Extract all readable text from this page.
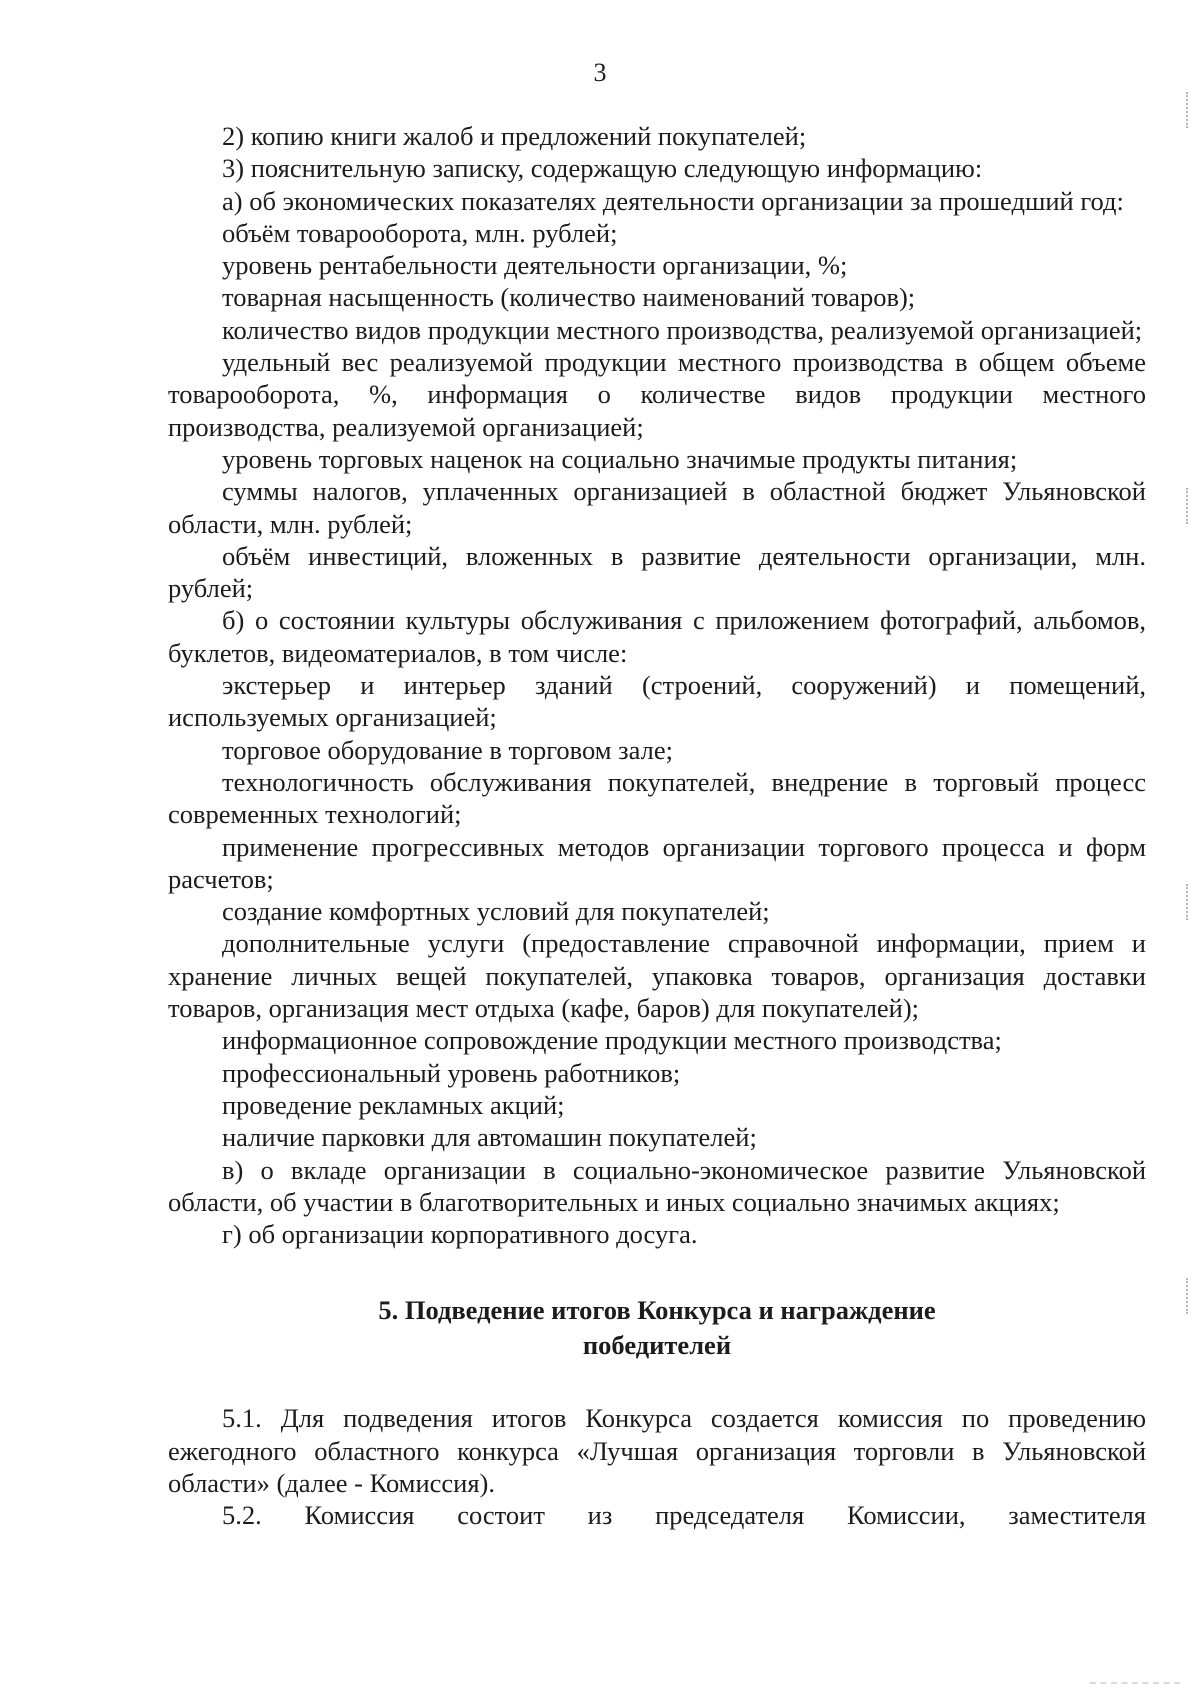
3

2) копию книги жалоб и предложений покупателей;

3) пояснительную записку, содержащую следующую информацию:

а) об экономических показателях деятельности организации за прошедший год:

объём товарооборота, млн. рублей;

уровень рентабельности деятельности организации, %;

товарная насыщенность (количество наименований товаров);

количество видов продукции местного производства, реализуемой организацией;

удельный вес реализуемой продукции местного производства в общем объеме товарооборота, %, информация о количестве видов продукции местного производства, реализуемой организацией;

уровень торговых наценок на социально значимые продукты питания;

суммы налогов, уплаченных организацией в областной бюджет Ульяновской области, млн. рублей;

объём инвестиций, вложенных в развитие деятельности организации, млн. рублей;

б) о состоянии культуры обслуживания с приложением фотографий, альбомов, буклетов, видеоматериалов, в том числе:

экстерьер и интерьер зданий (строений, сооружений) и помещений, используемых организацией;

торговое оборудование в торговом зале;

технологичность обслуживания покупателей, внедрение в торговый процесс современных технологий;

применение прогрессивных методов организации торгового процесса и форм расчетов;

создание комфортных условий для покупателей;

дополнительные услуги (предоставление справочной информации, прием и хранение личных вещей покупателей, упаковка товаров, организация доставки товаров, организация мест отдыха (кафе, баров) для покупателей);

информационное сопровождение продукции местного производства;

профессиональный уровень работников;

проведение рекламных акций;

наличие парковки для автомашин покупателей;

в) о вкладе организации в социально-экономическое развитие Ульяновской области, об участии в благотворительных и иных социально значимых акциях;

г) об организации корпоративного досуга.

5. Подведение итогов Конкурса и награждение
победителей

5.1. Для подведения итогов Конкурса создается комиссия по проведению ежегодного областного конкурса «Лучшая организация торговли в Ульяновской области» (далее - Комиссия).

5.2. Комиссия состоит из председателя Комиссии, заместителя
